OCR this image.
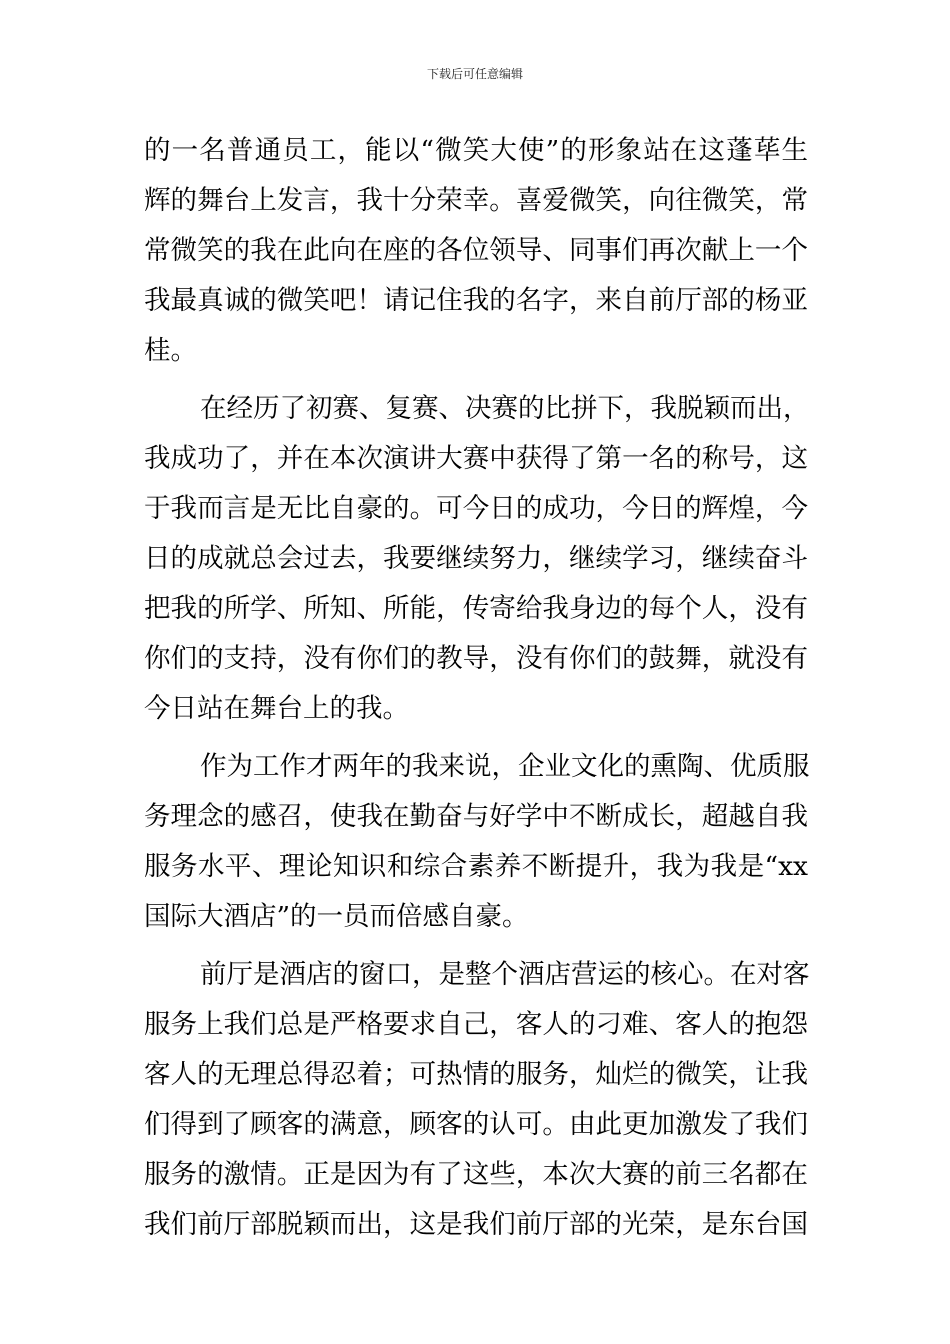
下载后可任意编辑
的一名普通员工，能以“微笑大使”的形象站在这蓬荜生
辉的舞台上发言，我十分荣幸。喜爱微笑，向往微笑，常
常微笑的我在此向在座的各位领导、同事们再次献上一个
我最真诚的微笑吧！请记住我的名字，来自前厅部的杨亚
桂。
在经历了初赛、复赛、决赛的比拼下，我脱颖而出，
我成功了，并在本次演讲大赛中获得了第一名的称号，这
于我而言是无比自豪的。可今日的成功，今日的辉煌，今
日的成就总会过去，我要继续努力，继续学习，继续奋斗
把我的所学、所知、所能，传寄给我身边的每个人，没有
你们的支持，没有你们的教导，没有你们的鼓舞，就没有
今日站在舞台上的我。
作为工作才两年的我来说，企业文化的熏陶、优质服
务理念的感召，使我在勤奋与好学中不断成长，超越自我
服务水平、理论知识和综合素养不断提升，我为我是“xx
国际大酒店”的一员而倍感自豪。
前厅是酒店的窗口，是整个酒店营运的核心。在对客
服务上我们总是严格要求自己，客人的刁难、客人的抱怨
客人的无理总得忍着；可热情的服务，灿烂的微笑，让我
们得到了顾客的满意，顾客的认可。由此更加激发了我们
服务的激情。正是因为有了这些，本次大赛的前三名都在
我们前厅部脱颖而出，这是我们前厅部的光荣，是东台国
